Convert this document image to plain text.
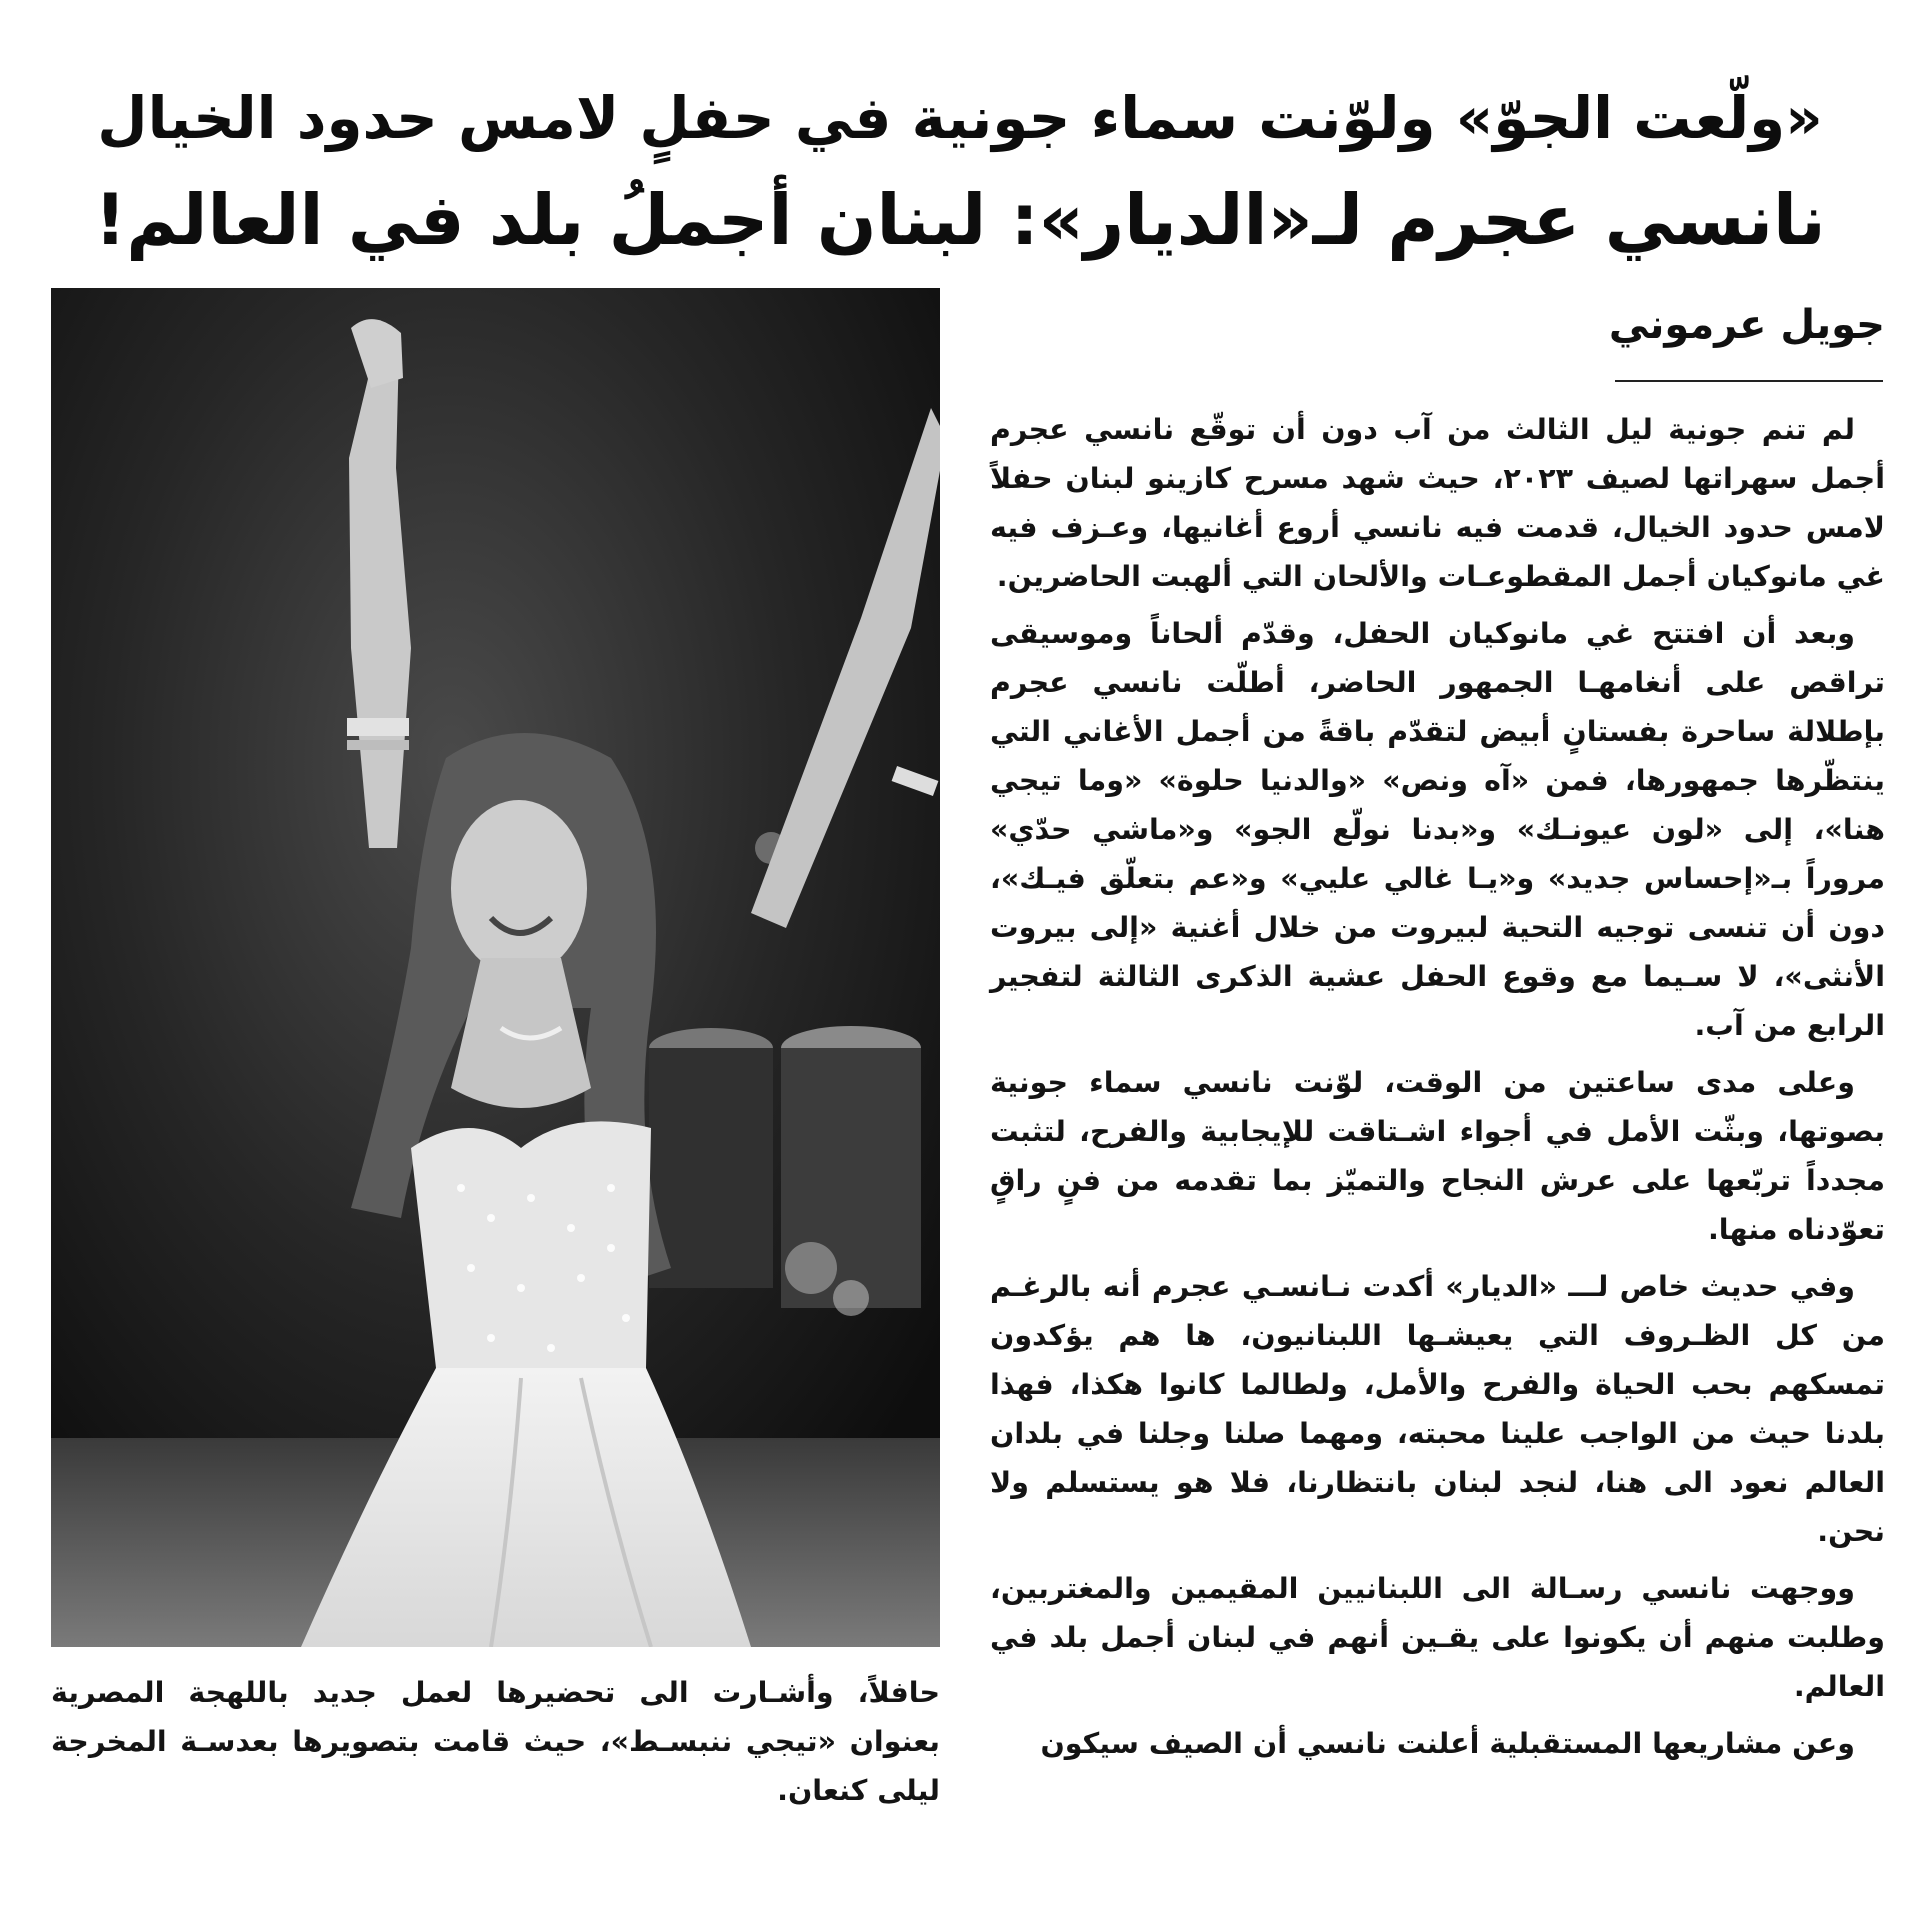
«ولّعت الجوّ» ولوّنت سماء جونية في حفلٍ لامس حدود الخيال
نانسي عجرم لـ«الديار»: لبنان أجملُ بلد في العالم!
جويل عرموني

لم تنم جونية ليل الثالث من آب دون أن توقّع نانسي عجرم أجمل سهراتها لصيف ٢٠٢٣، حيث شهد مسرح كازينو لبنان حفلاً لامس حدود الخيال، قدمت فيه نانسي أروع أغانيها، وعـزف فيه غي مانوكيان أجمل المقطوعـات والألحان التي ألهبت الحاضرين.

وبعد أن افتتح غي مانوكيان الحفل، وقدّم ألحاناً وموسيقى تراقص على أنغامهـا الجمهور الحاضر، أطلّت نانسي عجرم بإطلالة ساحرة بفستانٍ أبيض لتقدّم باقةً من أجمل الأغاني التي ينتظّرها جمهورها، فمن «آه ونص» «والدنيا حلوة» «وما تيجي هنا»، إلى «لون عيونـك» و«بدنا نولّع الجو» و«ماشي حدّي» مروراً بـ«إحساس جديد» و«يـا غالي عليي» و«عم بتعلّق فيـك»، دون أن تنسى توجيه التحية لبيروت من خلال أغنية «إلى بيروت الأنثى»، لا سـيما مع وقوع الحفل عشية الذكرى الثالثة لتفجير الرابع من آب.

وعلى مدى ساعتين من الوقت، لوّنت نانسي سماء جونية بصوتها، وبثّت الأمل في أجواء اشـتاقت للإيجابية والفرح، لتثبت مجدداً تربّعها على عرش النجاح والتميّز بما تقدمه من فنٍ راقٍ تعوّدناه منها.

وفي حديث خاص لـــ «الديار» أكدت نـانسـي عجرم أنه بالرغـم من كل الظـروف التي يعيشـها اللبنانيون، ها هم يؤكدون تمسكهم بحب الحياة والفرح والأمل، ولطالما كانوا هكذا، فهذا بلدنا حيث من الواجب علينا محبته، ومهما صلنا وجلنا في بلدان العالم نعود الى هنا، لنجد لبنان بانتظارنا، فلا هو يستسلم ولا نحن.

ووجهت نانسي رسـالة الى اللبنانيين المقيمين والمغتربين، وطلبت منهم أن يكونوا على يقـين أنهم في لبنان أجمل بلد في العالم.

وعن مشاريعها المستقبلية أعلنت نانسي أن الصيف سيكون

حافلاً، وأشـارت الى تحضيرها لعمل جديد باللهجة المصرية بعنوان «تيجي ننبسـط»، حيث قامت بتصويرها بعدسـة المخرجة ليلى كنعان.
